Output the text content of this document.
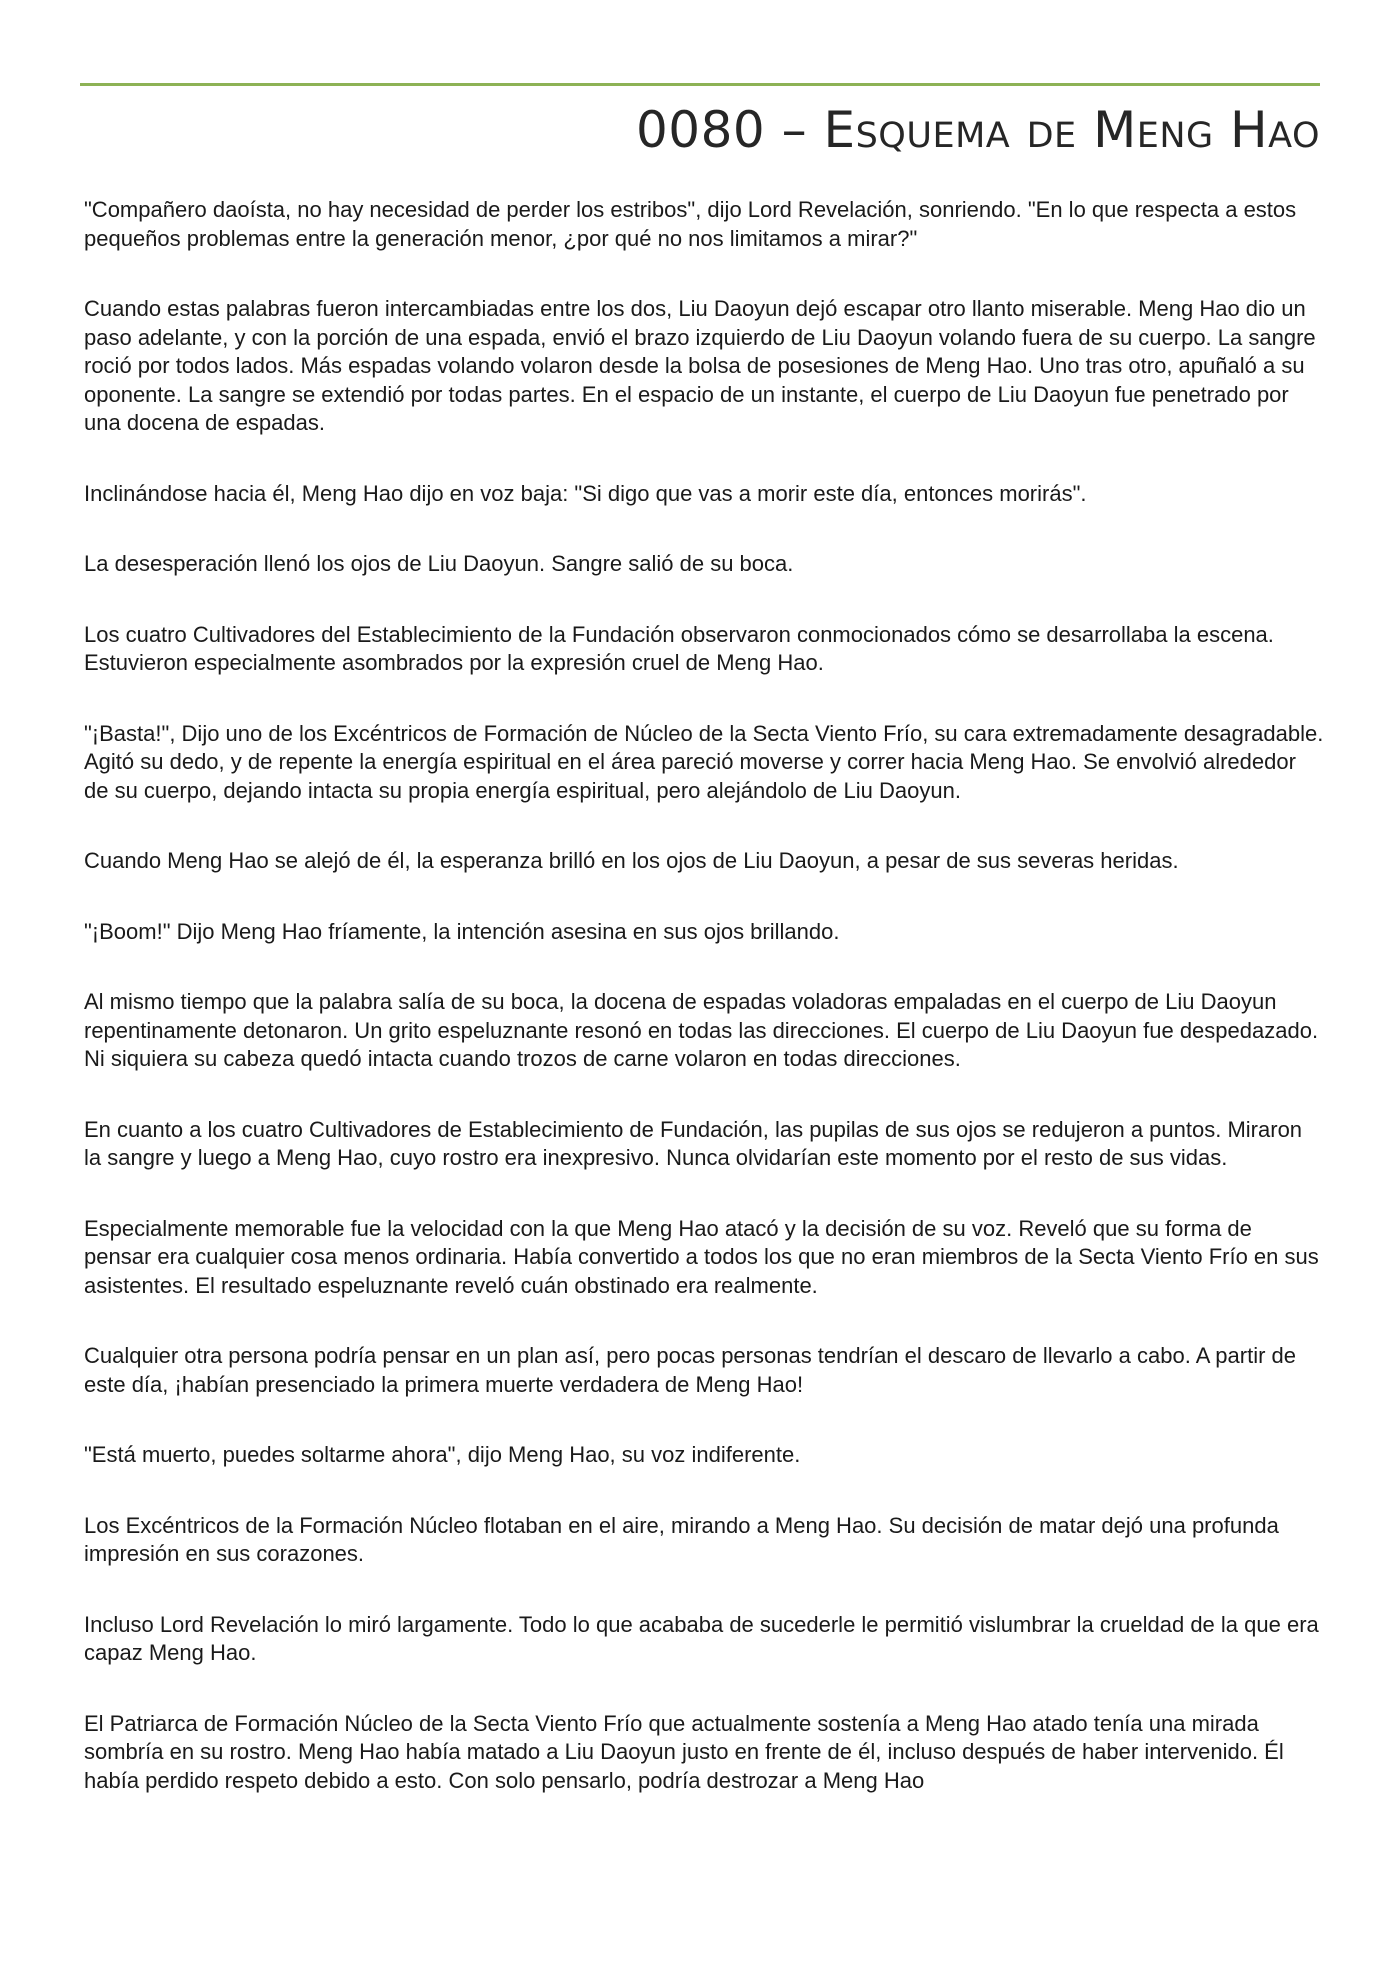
0080 – Esquema de Meng Hao

"Compañero daoísta, no hay necesidad de perder los estribos", dijo Lord Revelación, sonriendo. "En lo que respecta a estos pequeños problemas entre la generación menor, ¿por qué no nos limitamos a mirar?"

Cuando estas palabras fueron intercambiadas entre los dos, Liu Daoyun dejó escapar otro llanto miserable. Meng Hao dio un paso adelante, y con la porción de una espada, envió el brazo izquierdo de Liu Daoyun volando fuera de su cuerpo. La sangre roció por todos lados. Más espadas volando volaron desde la bolsa de posesiones de Meng Hao. Uno tras otro, apuñaló a su oponente. La sangre se extendió por todas partes. En el espacio de un instante, el cuerpo de Liu Daoyun fue penetrado por una docena de espadas.

Inclinándose hacia él, Meng Hao dijo en voz baja: "Si digo que vas a morir este día, entonces morirás".

La desesperación llenó los ojos de Liu Daoyun. Sangre salió de su boca.

Los cuatro Cultivadores del Establecimiento de la Fundación observaron conmocionados cómo se desarrollaba la escena. Estuvieron especialmente asombrados por la expresión cruel de Meng Hao.

"¡Basta!", Dijo uno de los Excéntricos de Formación de Núcleo de la Secta Viento Frío, su cara extremadamente desagradable. Agitó su dedo, y de repente la energía espiritual en el área pareció moverse y correr hacia Meng Hao. Se envolvió alrededor de su cuerpo, dejando intacta su propia energía espiritual, pero alejándolo de Liu Daoyun.

Cuando Meng Hao se alejó de él, la esperanza brilló en los ojos de Liu Daoyun, a pesar de sus severas heridas.

"¡Boom!" Dijo Meng Hao fríamente, la intención asesina en sus ojos brillando.

Al mismo tiempo que la palabra salía de su boca, la docena de espadas voladoras empaladas en el cuerpo de Liu Daoyun repentinamente detonaron. Un grito espeluznante resonó en todas las direcciones. El cuerpo de Liu Daoyun fue despedazado. Ni siquiera su cabeza quedó intacta cuando trozos de carne volaron en todas direcciones.

En cuanto a los cuatro Cultivadores de Establecimiento de Fundación, las pupilas de sus ojos se redujeron a puntos. Miraron la sangre y luego a Meng Hao, cuyo rostro era inexpresivo. Nunca olvidarían este momento por el resto de sus vidas.

Especialmente memorable fue la velocidad con la que Meng Hao atacó y la decisión de su voz. Reveló que su forma de pensar era cualquier cosa menos ordinaria. Había convertido a todos los que no eran miembros de la Secta Viento Frío en sus asistentes. El resultado espeluznante reveló cuán obstinado era realmente.

Cualquier otra persona podría pensar en un plan así, pero pocas personas tendrían el descaro de llevarlo a cabo. A partir de este día, ¡habían presenciado la primera muerte verdadera de Meng Hao!

"Está muerto, puedes soltarme ahora", dijo Meng Hao, su voz indiferente.

Los Excéntricos de la Formación Núcleo flotaban en el aire, mirando a Meng Hao. Su decisión de matar dejó una profunda impresión en sus corazones.

Incluso Lord Revelación lo miró largamente. Todo lo que acababa de sucederle le permitió vislumbrar la crueldad de la que era capaz Meng Hao.

El Patriarca de Formación Núcleo de la Secta Viento Frío que actualmente sostenía a Meng Hao atado tenía una mirada sombría en su rostro. Meng Hao había matado a Liu Daoyun justo en frente de él, incluso después de haber intervenido. Él había perdido respeto debido a esto. Con solo pensarlo, podría destrozar a Meng Hao
